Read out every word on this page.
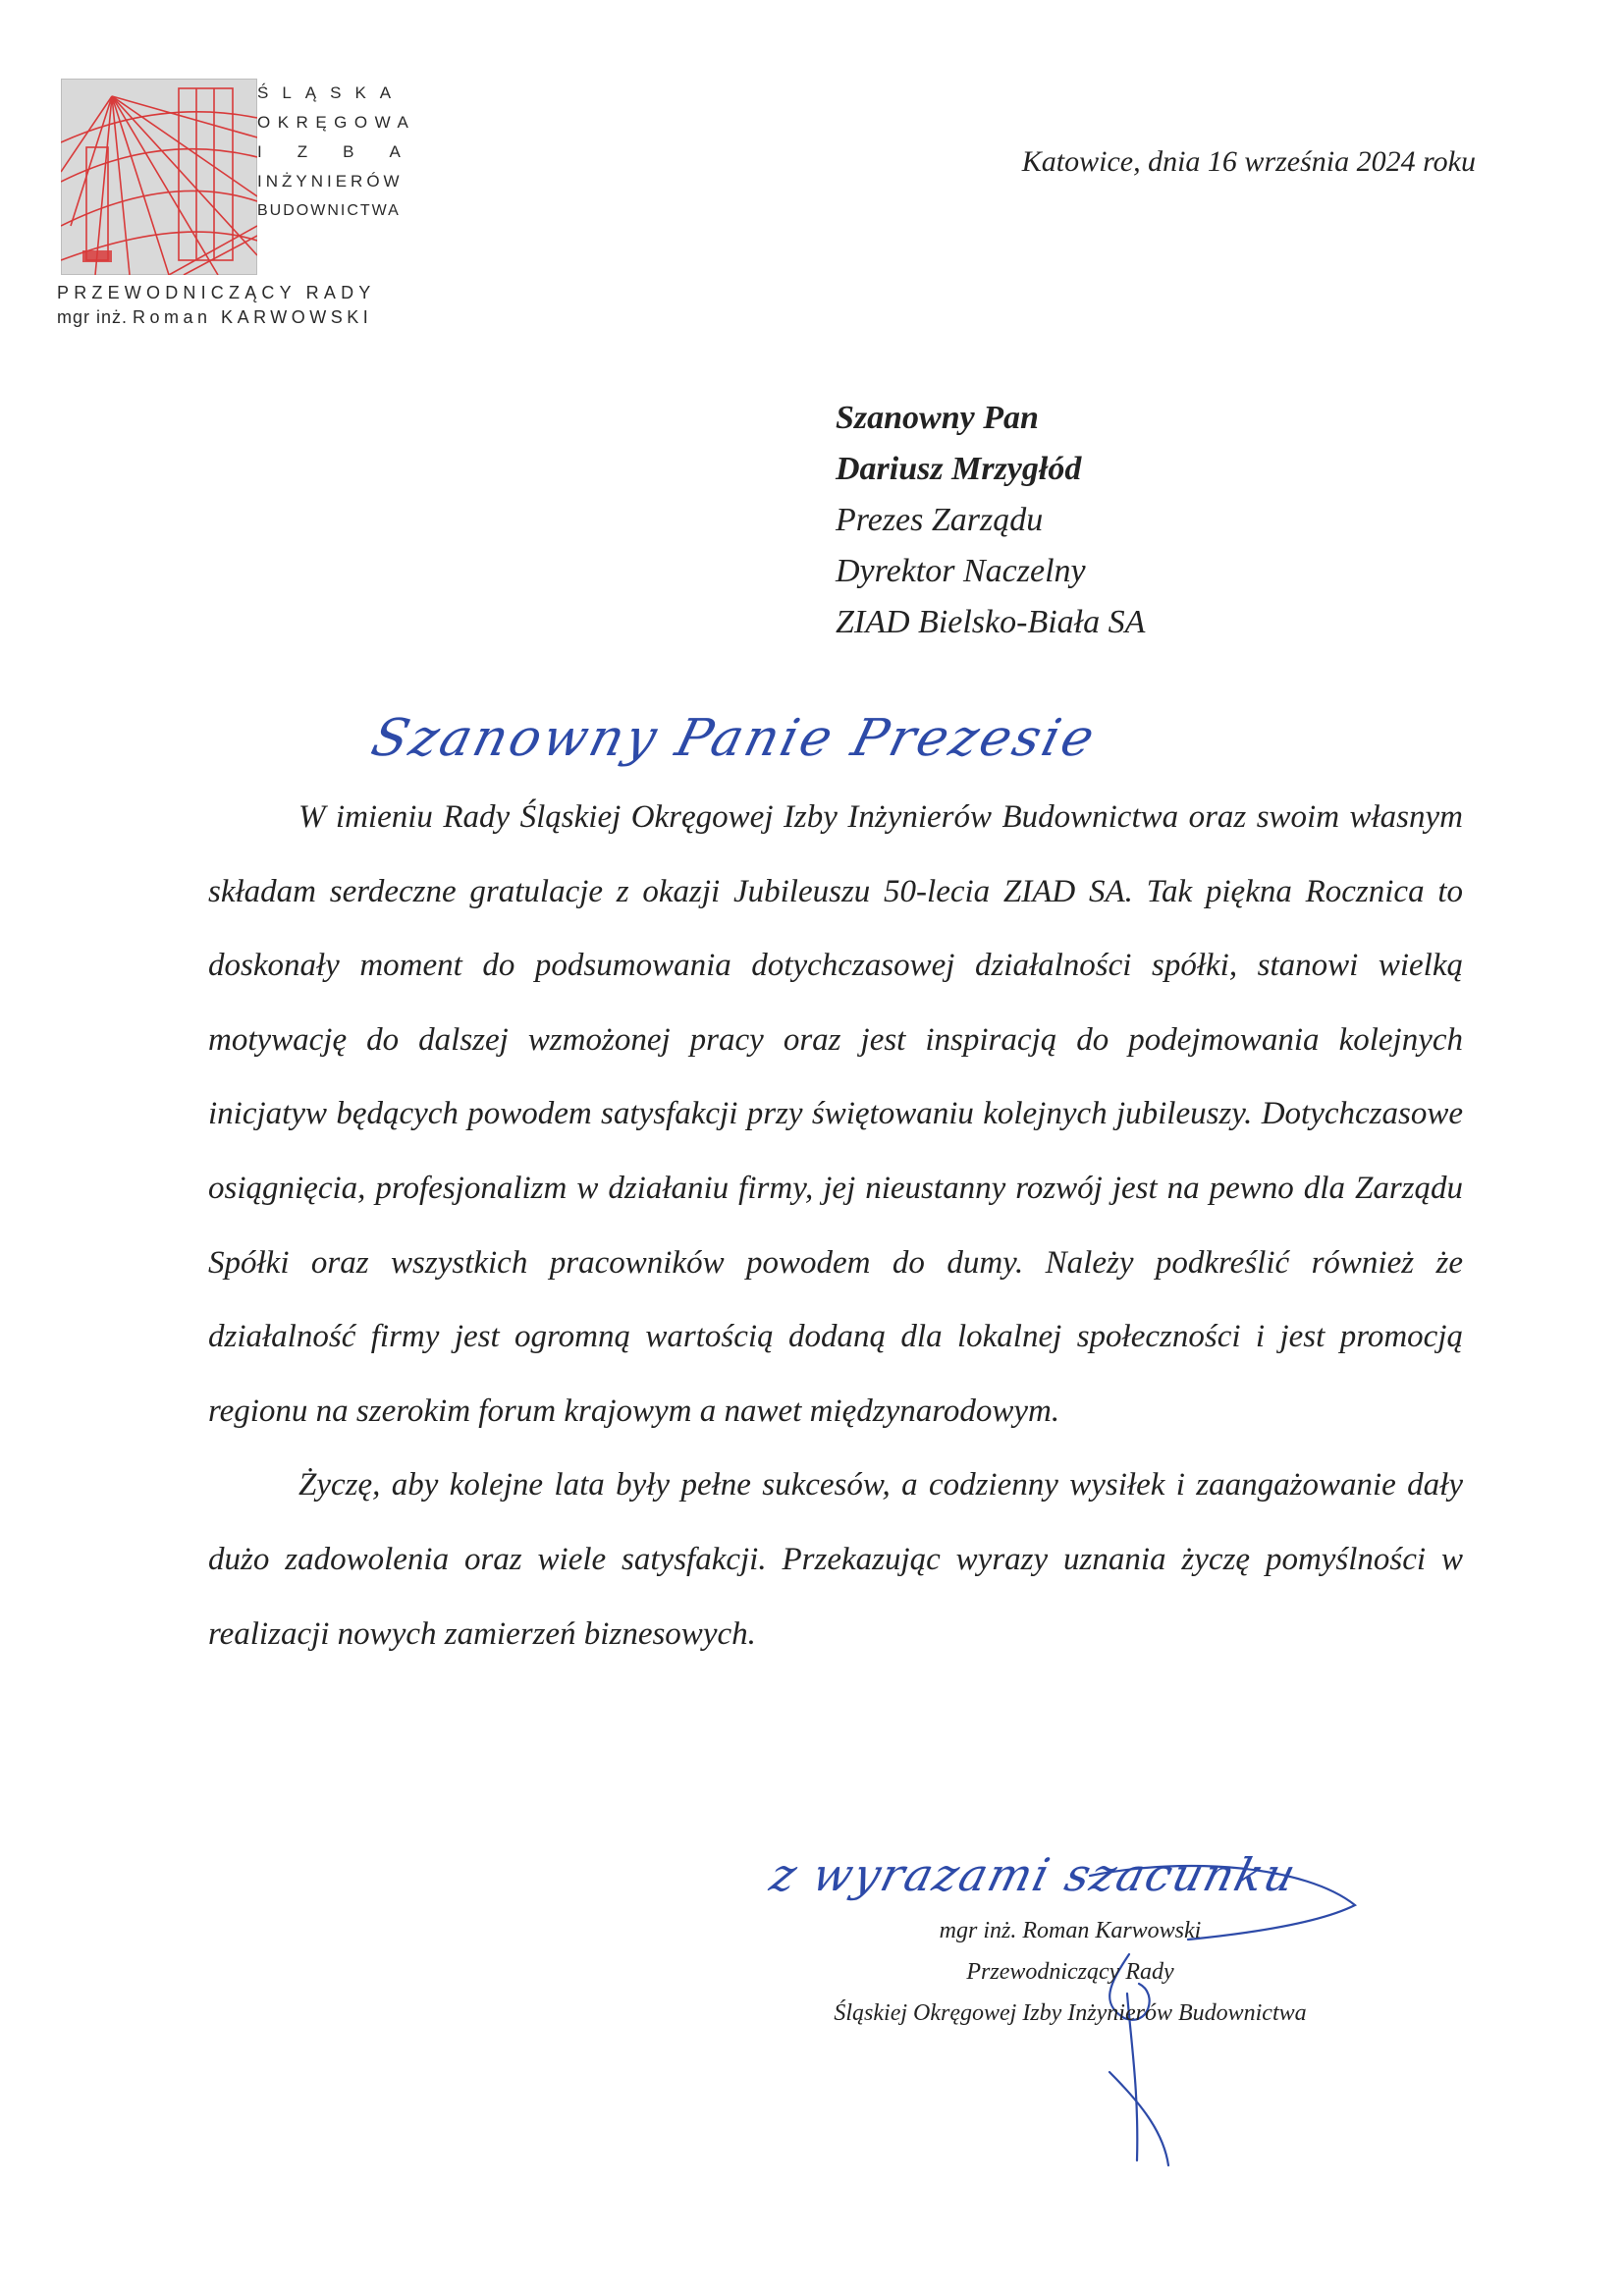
ŚLĄSKA
OKRĘGOWA
IZBA
INŻYNIERÓW
BUDOWNICTWA
PRZEWODNICZĄCY RADY
mgr inż. Roman KARWOWSKI
Katowice, dnia 16 września 2024 roku
Szanowny Pan
Dariusz Mrzygłód
Prezes Zarządu
Dyrektor Naczelny
ZIAD Bielsko-Biała SA
Szanowny Panie Prezesie

W imieniu Rady Śląskiej Okręgowej Izby Inżynierów Budownictwa oraz swoim własnym składam serdeczne gratulacje z okazji Jubileuszu 50-lecia ZIAD SA. Tak piękna Rocznica to doskonały moment do podsumowania dotychczasowej działalności spółki, stanowi wielką motywację do dalszej wzmożonej pracy oraz jest inspiracją do podejmowania kolejnych inicjatyw będących powodem satysfakcji przy świętowaniu kolejnych jubileuszy. Dotychczasowe osiągnięcia, profesjonalizm w działaniu firmy, jej nieustanny rozwój jest na pewno dla Zarządu Spółki oraz wszystkich pracowników powodem do dumy. Należy podkreślić również że działalność firmy jest ogromną wartością dodaną dla lokalnej społeczności i jest promocją regionu na szerokim forum krajowym a nawet międzynarodowym.

Życzę, aby kolejne lata były pełne sukcesów, a codzienny wysiłek i zaangażowanie dały dużo zadowolenia oraz wiele satysfakcji. Przekazując wyrazy uznania życzę pomyślności w realizacji nowych zamierzeń biznesowych.

z wyrazami szacunku
mgr inż. Roman Karwowski
Przewodniczący Rady
Śląskiej Okręgowej Izby Inżynierów Budownictwa
